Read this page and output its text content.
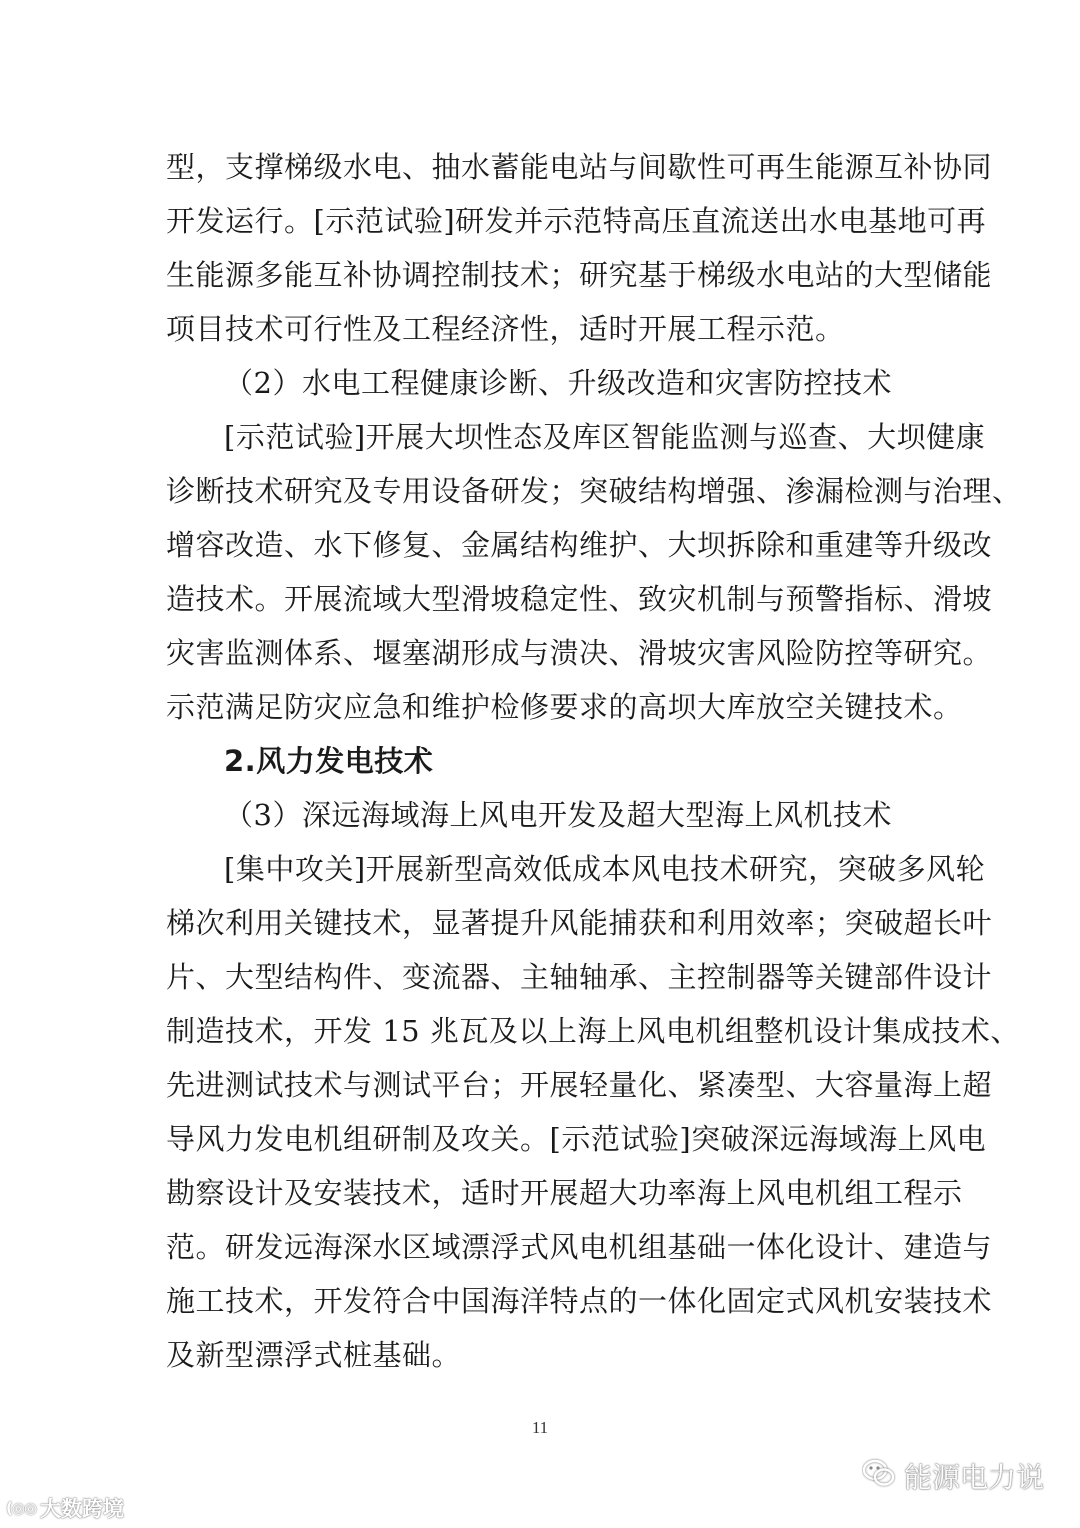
型，支撑梯级水电、抽水蓄能电站与间歇性可再生能源互补协同
开发运行。[示范试验]研发并示范特高压直流送出水电基地可再
生能源多能互补协调控制技术；研究基于梯级水电站的大型储能
项目技术可行性及工程经济性，适时开展工程示范。
（2）水电工程健康诊断、升级改造和灾害防控技术
[示范试验]开展大坝性态及库区智能监测与巡查、大坝健康
诊断技术研究及专用设备研发；突破结构增强、渗漏检测与治理、
增容改造、水下修复、金属结构维护、大坝拆除和重建等升级改
造技术。开展流域大型滑坡稳定性、致灾机制与预警指标、滑坡
灾害监测体系、堰塞湖形成与溃决、滑坡灾害风险防控等研究。
示范满足防灾应急和维护检修要求的高坝大库放空关键技术。
2.风力发电技术
（3）深远海域海上风电开发及超大型海上风机技术
[集中攻关]开展新型高效低成本风电技术研究，突破多风轮
梯次利用关键技术，显著提升风能捕获和利用效率；突破超长叶
片、大型结构件、变流器、主轴轴承、主控制器等关键部件设计
制造技术，开发 15 兆瓦及以上海上风电机组整机设计集成技术、
先进测试技术与测试平台；开展轻量化、紧凑型、大容量海上超
导风力发电机组研制及攻关。[示范试验]突破深远海域海上风电
勘察设计及安装技术，适时开展超大功率海上风电机组工程示
范。研发远海深水区域漂浮式风电机组基础一体化设计、建造与
施工技术，开发符合中国海洋特点的一体化固定式风机安装技术
及新型漂浮式桩基础。
11
能源电力说
(◎◎ 大数跨境
